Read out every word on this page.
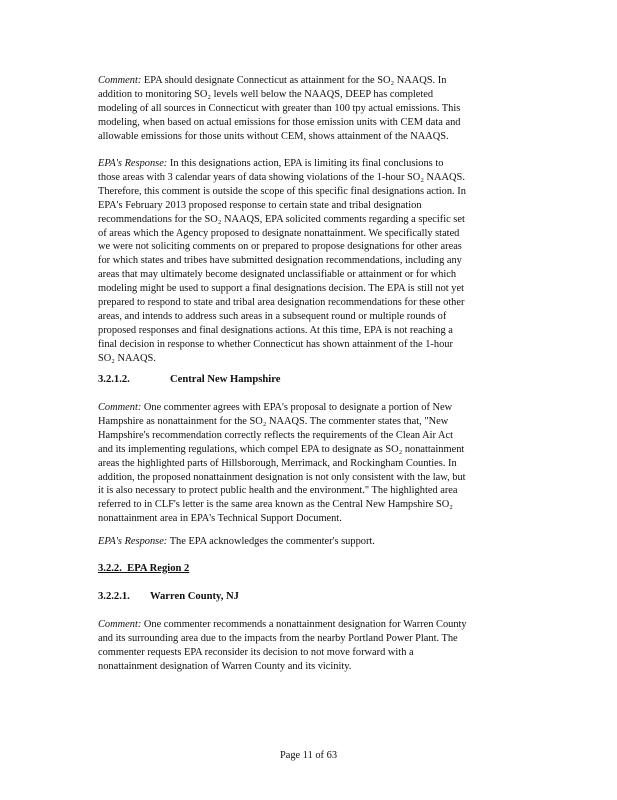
Comment: EPA should designate Connecticut as attainment for the SO₂ NAAQS. In
addition to monitoring SO₂ levels well below the NAAQS, DEEP has completed
modeling of all sources in Connecticut with greater than 100 tpy actual emissions. This
modeling, when based on actual emissions for those emission units with CEM data and
allowable emissions for those units without CEM, shows attainment of the NAAQS.

EPA's Response: In this designations action, EPA is limiting its final conclusions to
those areas with 3 calendar years of data showing violations of the 1-hour SO₂ NAAQS.
Therefore, this comment is outside the scope of this specific final designations action. In
EPA's February 2013 proposed response to certain state and tribal designation
recommendations for the SO₂ NAAQS, EPA solicited comments regarding a specific set
of areas which the Agency proposed to designate nonattainment. We specifically stated
we were not soliciting comments on or prepared to propose designations for other areas
for which states and tribes have submitted designation recommendations, including any
areas that may ultimately become designated unclassifiable or attainment or for which
modeling might be used to support a final designations decision. The EPA is still not yet
prepared to respond to state and tribal area designation recommendations for these other
areas, and intends to address such areas in a subsequent round or multiple rounds of
proposed responses and final designations actions. At this time, EPA is not reaching a
final decision in response to whether Connecticut has shown attainment of the 1-hour
SO₂ NAAQS.

3.2.1.2.	Central New Hampshire

Comment: One commenter agrees with EPA's proposal to designate a portion of New
Hampshire as nonattainment for the SO₂ NAAQS. The commenter states that, "New
Hampshire's recommendation correctly reflects the requirements of the Clean Air Act
and its implementing regulations, which compel EPA to designate as SO₂ nonattainment
areas the highlighted parts of Hillsborough, Merrimack, and Rockingham Counties. In
addition, the proposed nonattainment designation is not only consistent with the law, but
it is also necessary to protect public health and the environment." The highlighted area
referred to in CLF's letter is the same area known as the Central New Hampshire SO₂
nonattainment area in EPA's Technical Support Document.

EPA's Response: The EPA acknowledges the commenter's support.

3.2.2. EPA Region 2
3.2.2.1. Warren County, NJ

Comment: One commenter recommends a nonattainment designation for Warren County
and its surrounding area due to the impacts from the nearby Portland Power Plant. The
commenter requests EPA reconsider its decision to not move forward with a
nonattainment designation of Warren County and its vicinity.

Page 11 of 63
